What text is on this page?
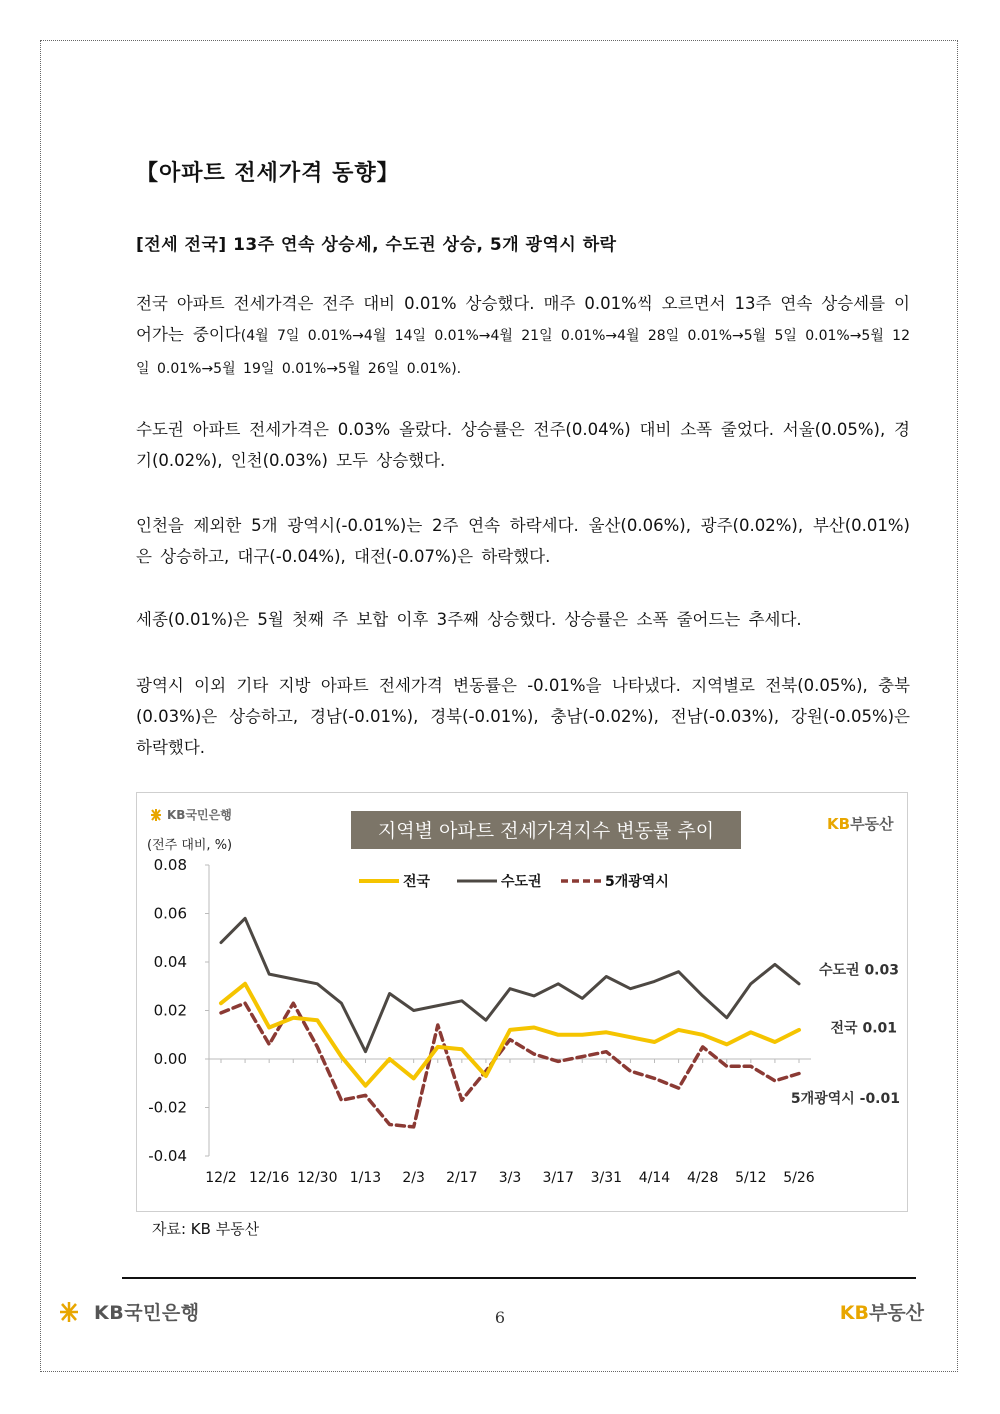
【아파트 전세가격 동향】
[전세 전국] 13주 연속 상승세, 수도권 상승, 5개 광역시 하락
전국 아파트 전세가격은 전주 대비 0.01% 상승했다. 매주 0.01%씩 오르면서 13주 연속 상승세를 이어가는 중이다(4월 7일 0.01%→4월 14일 0.01%→4월 21일 0.01%→4월 28일 0.01%→5월 5일 0.01%→5월 12일 0.01%→5월 19일 0.01%→5월 26일 0.01%).
수도권 아파트 전세가격은 0.03% 올랐다. 상승률은 전주(0.04%) 대비 소폭 줄었다. 서울(0.05%), 경기(0.02%), 인천(0.03%) 모두 상승했다.
인천을 제외한 5개 광역시(-0.01%)는 2주 연속 하락세다. 울산(0.06%), 광주(0.02%), 부산(0.01%)은 상승하고, 대구(-0.04%), 대전(-0.07%)은 하락했다.
세종(0.01%)은 5월 첫째 주 보합 이후 3주째 상승했다. 상승률은 소폭 줄어드는 추세다.
광역시 이외 기타 지방 아파트 전세가격 변동률은 -0.01%을 나타냈다. 지역별로 전북(0.05%), 충북(0.03%)은 상승하고, 경남(-0.01%), 경북(-0.01%), 충남(-0.02%), 전남(-0.03%), 강원(-0.05%)은 하락했다.
KB국민은행	KB부동산
지역별 아파트 전세가격지수 변동률 추이
(전주 대비, %)
전국	수도권	5개광역시
0.08
0.06
0.04
0.02
0.00
-0.02
-0.04
12/2 12/16 12/30 1/13 2/3 2/17 3/3 3/17 3/31 4/14 4/28 5/12 5/26
전국 0.01
수도권 0.03
5개광역시 -0.01
자료: KB 부동산
KB국민은행	6	KB부동산
